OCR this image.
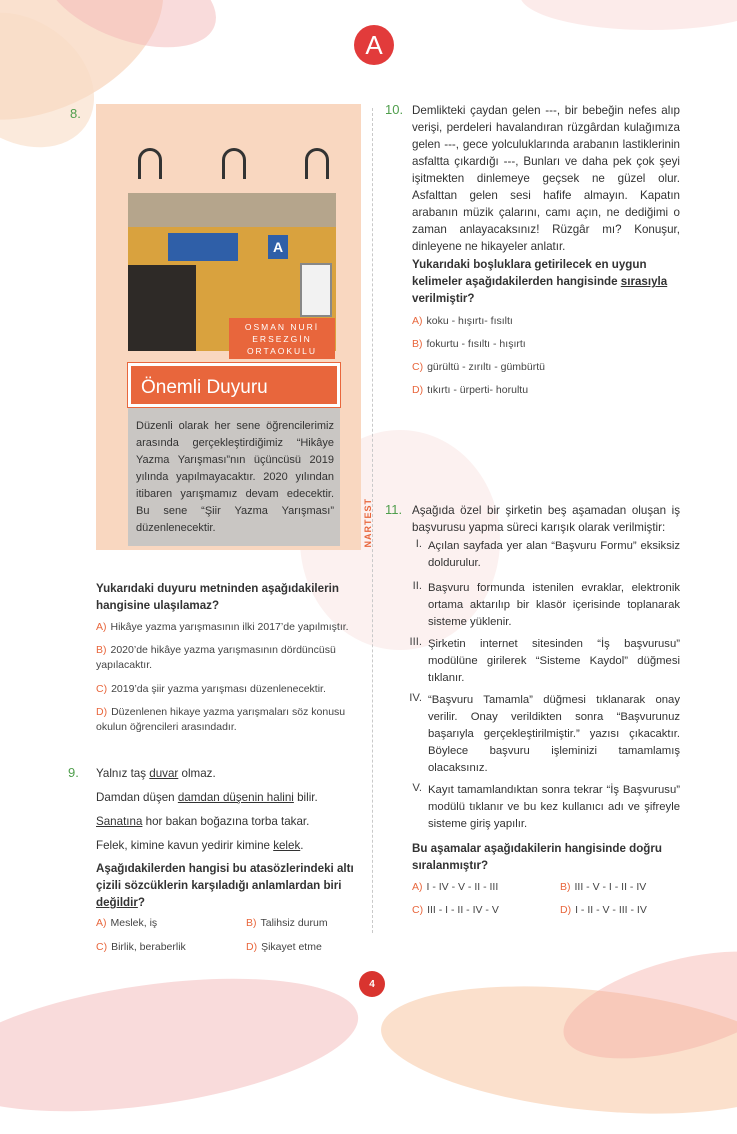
A
NARTEST
8.
A
OSMAN NURİ ERSEZGİN ORTAOKULU
Önemli Duyuru
Düzenli olarak her sene öğrencilerimiz arasında gerçekleştirdiğimiz “Hikâye Yazma Yarışması”nın üçüncüsü 2019 yılında yapılmayacaktır. 2020 yılından itibaren yarışmamız devam edecektir. Bu sene “Şiir Yazma Yarışması” düzenlenecektir.
Yukarıdaki duyuru metninden aşağıdakilerin hangisine ulaşılamaz?
A) Hikâye yazma yarışmasının ilki 2017’de yapılmıştır.
B) 2020’de hikâye yazma yarışmasının dördüncüsü yapılacaktır.
C) 2019’da şiir yazma yarışması düzenlenecektir.
D) Düzenlenen hikaye yazma yarışmaları söz konusu okulun öğrencileri arasındadır.
9. Yalnız taş duvar olmaz.
Damdan düşen damdan düşenin halini bilir.
Sanatına hor bakan boğazına torba takar.
Felek, kimine kavun yedirir kimine kelek.
Aşağıdakilerden hangisi bu atasözlerindeki altı çizili sözcüklerin karşıladığı anlamlardan biri değildir?
A) Meslek, iş	B) Talihsiz durum
C) Birlik, beraberlik	D) Şikayet etme
10. Demlikteki çaydan gelen ---, bir bebeğin nefes alıp verişi, perdeleri havalandıran rüzgârdan kulağımıza gelen ---, gece yolculuklarında arabanın lastiklerinin asfaltta çıkardığı ---, Bunları ve daha pek çok şeyi işitmekten dinlemeye geçsek ne güzel olur. Asfalttan gelen sesi hafife almayın. Kapatın arabanın müzik çalarını, camı açın, ne dediğimi o zaman anlayacaksınız! Rüzgâr mı? Konuşur, dinleyene ne hikayeler anlatır.
Yukarıdaki boşluklara getirilecek en uygun kelimeler aşağıdakilerden hangisinde sırasıyla verilmiştir?
A) koku - hışırtı- fısıltı
B) fokurtu - fısıltı - hışırtı
C) gürültü - zırıltı - gümbürtü
D) tıkırtı - ürperti- horultu
11. Aşağıda özel bir şirketin beş aşamadan oluşan iş başvurusu yapma süreci karışık olarak verilmiştir:
I. Açılan sayfada yer alan “Başvuru Formu” eksiksiz doldurulur.
II. Başvuru formunda istenilen evraklar, elektronik ortama aktarılıp bir klasör içerisinde toplanarak sisteme yüklenir.
III. Şirketin internet sitesinden “İş başvurusu” modülüne girilerek “Sisteme Kaydol” düğmesi tıklanır.
IV. “Başvuru Tamamla” düğmesi tıklanarak onay verilir. Onay verildikten sonra “Başvurunuz başarıyla gerçekleştirilmiştir.” yazısı çıkacaktır. Böylece başvuru işleminizi tamamlamış olacaksınız.
V. Kayıt tamamlandıktan sonra tekrar “İş Başvurusu” modülü tıklanır ve bu kez kullanıcı adı ve şifreyle sisteme giriş yapılır.
Bu aşamalar aşağıdakilerin hangisinde doğru sıralanmıştır?
A) I - IV - V - II - III	B) III - V - I - II - IV
C) III - I - II - IV - V	D) I - II - V - III - IV
4
